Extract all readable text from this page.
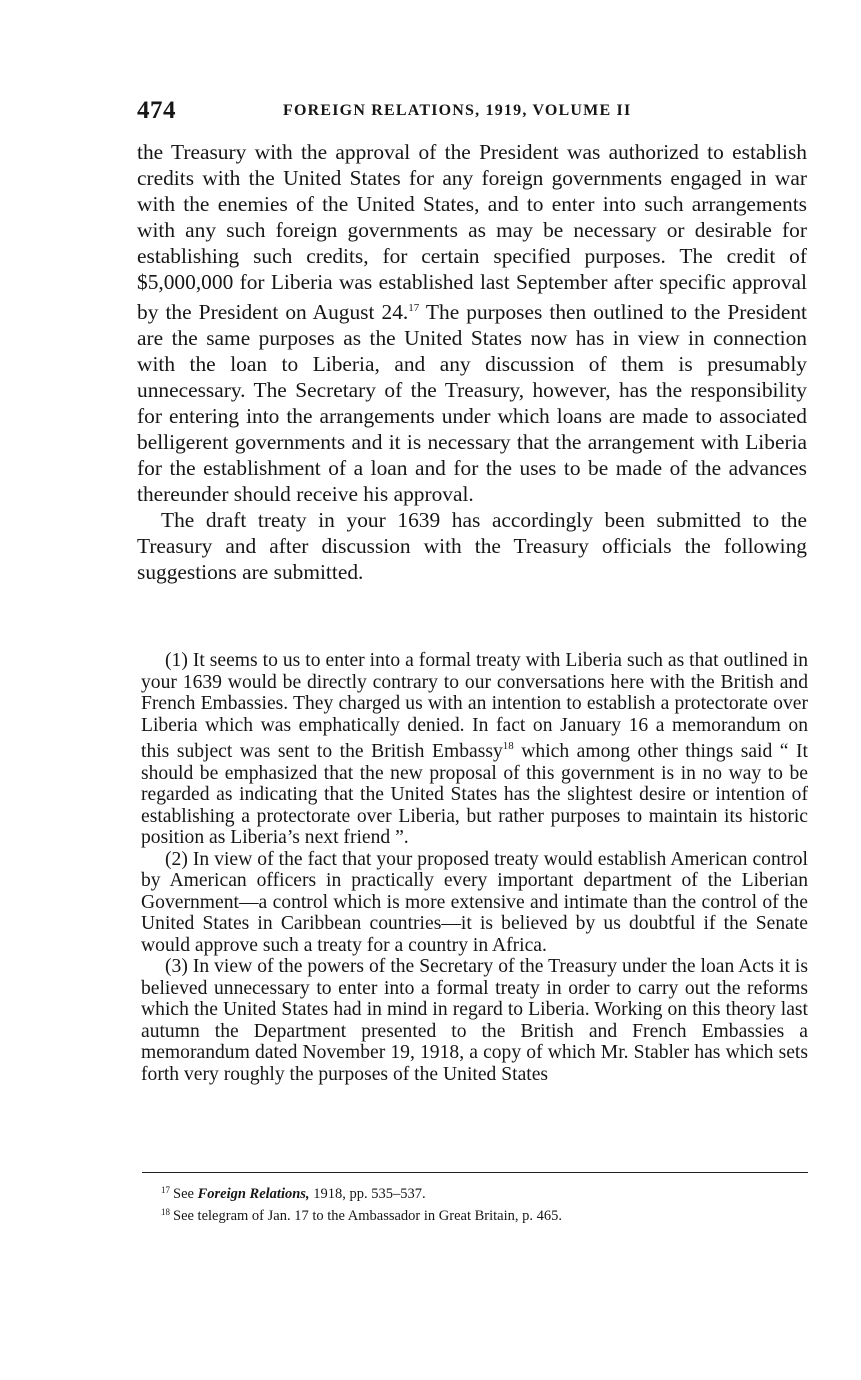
474	FOREIGN RELATIONS, 1919, VOLUME II

the Treasury with the approval of the President was authorized to establish credits with the United States for any foreign governments engaged in war with the enemies of the United States, and to enter into such arrangements with any such foreign governments as may be necessary or desirable for establishing such credits, for certain specified purposes. The credit of $5,000,000 for Liberia was established last September after specific approval by the President on August 24.17 The purposes then outlined to the President are the same purposes as the United States now has in view in connection with the loan to Liberia, and any discussion of them is presumably unnecessary. The Secretary of the Treasury, however, has the responsibility for entering into the arrangements under which loans are made to associated belligerent governments and it is necessary that the arrangement with Liberia for the establishment of a loan and for the uses to be made of the advances thereunder should receive his approval.

The draft treaty in your 1639 has accordingly been submitted to the Treasury and after discussion with the Treasury officials the following suggestions are submitted.

(1) It seems to us to enter into a formal treaty with Liberia such as that outlined in your 1639 would be directly contrary to our conversations here with the British and French Embassies. They charged us with an intention to establish a protectorate over Liberia which was emphatically denied. In fact on January 16 a memorandum on this subject was sent to the British Embassy$^{18}$ which among other things said “ It should be emphasized that the new proposal of this government is in no way to be regarded as indicating that the United States has the slightest desire or intention of establishing a protectorate over Liberia, but rather purposes to maintain its historic position as Liberia’s next friend ”.

(2) In view of the fact that your proposed treaty would establish American control by American officers in practically every important department of the Liberian Government—a control which is more extensive and intimate than the control of the United States in Caribbean countries—it is believed by us doubtful if the Senate would approve such a treaty for a country in Africa.

(3) In view of the powers of the Secretary of the Treasury under the loan Acts it is believed unnecessary to enter into a formal treaty in order to carry out the reforms which the United States had in mind in regard to Liberia. Working on this theory last autumn the Department presented to the British and French Embassies a memorandum dated November 19, 1918, a copy of which Mr. Stabler has which sets forth very roughly the purposes of the United States

$^{17}$ See Foreign Relations, 1918, pp. 535–537.
$^{18}$ See telegram of Jan. 17 to the Ambassador in Great Britain, p. 465.
